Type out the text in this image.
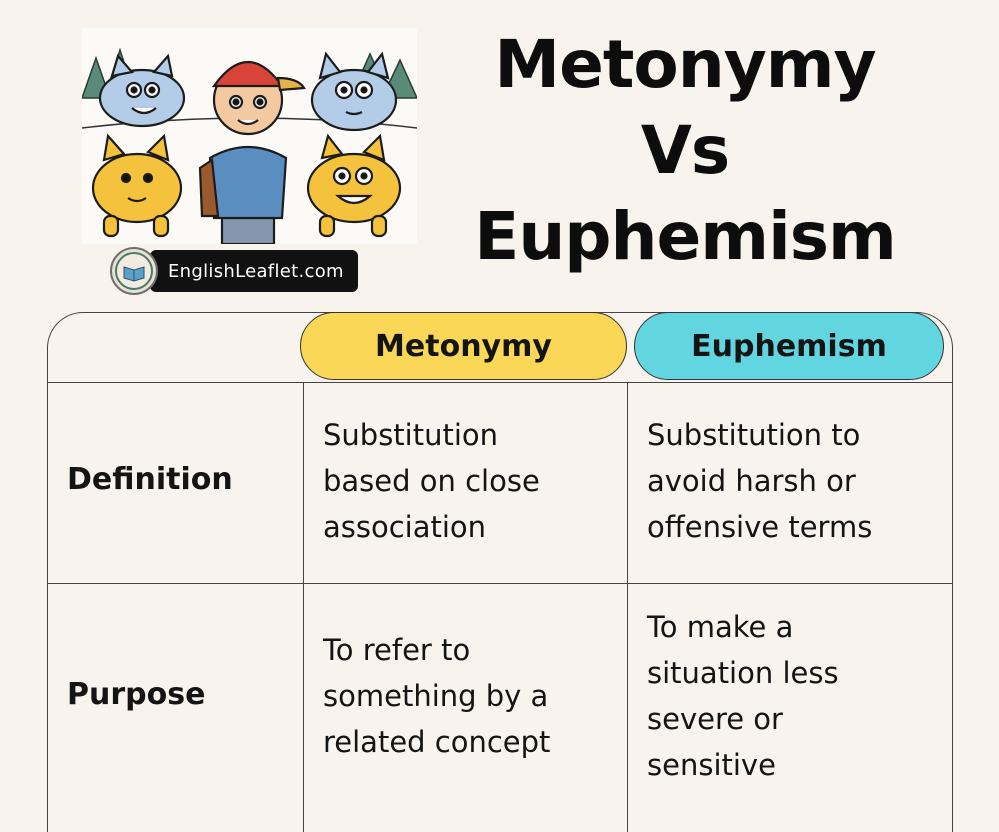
EnglishLeaflet.com
Metonymy
Vs
Euphemism
Metonymy	Euphemism
Definition
Substitution
based on close
association
Substitution to
avoid harsh or
offensive terms
Purpose
To refer to
something by a
related concept
To make a
situation less
severe or
sensitive
